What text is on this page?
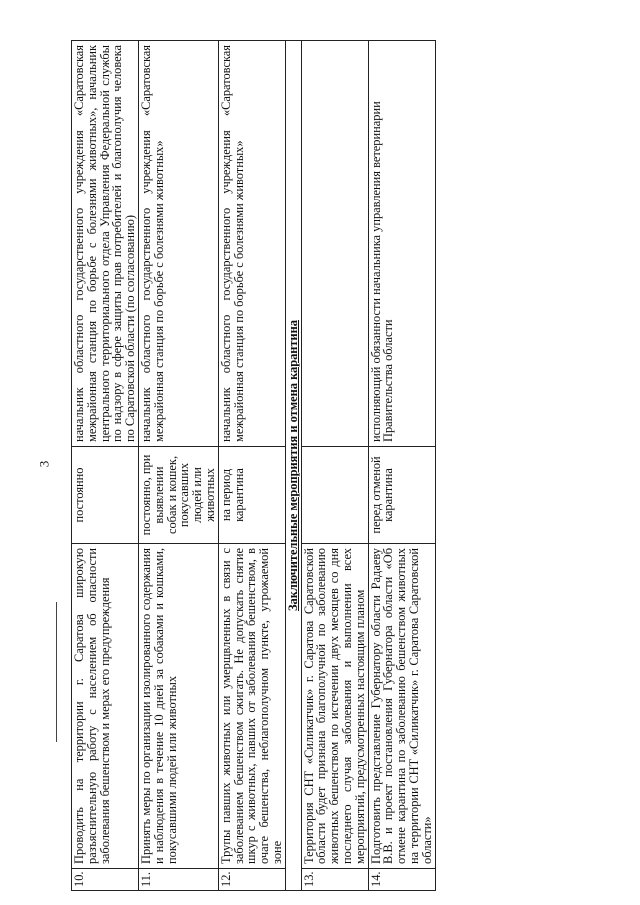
3
10.	Проводить на территории г. Саратова широкую разъяснительную работу с населением об опасности заболевания бешенством и мерах его предупреждения	постоянно	начальник областного государственного учреждения «Саратовская межрайонная станция по борьбе с болезнями животных», начальник центрального территориального отдела Управления Федеральной службы по надзору в сфере защиты прав потребителей и благополучия человека по Саратовской области (по согласованию)
11.	Принять меры по организации изолированного содержания и наблюдения в течение 10 дней за собаками и кошками, покусавшими людей или животных	постоянно, при выявлении собак и кошек, покусавших людей или животных	начальник областного государственного учреждения «Саратовская межрайонная станция по борьбе с болезнями животных»
12.	Трупы павших животных или умерщвленных в связи с заболеванием бешенством сжигать. Не допускать снятие шкур с животных, павших от заболевания бешенством, в очаге бешенства, неблагополучном пункте, угрожаемой зоне	на период карантина	начальник областного государственного учреждения «Саратовская межрайонная станция по борьбе с болезнями животных»
Заключительные мероприятия и отмена карантина			
13.	Территория СНТ «Силикатчик» г. Саратова Саратовской области будет признана благополучной по заболеванию животных бешенством по истечении двух месяцев со дня последнего случая заболевания и выполнении всех мероприятий, предусмотренных настоящим планом		
14.	Подготовить представление Губернатору области Радаеву В.В. и проект постановления Губернатора области «Об отмене карантина по заболеванию бешенством животных на территории СНТ «Силикатчик» г. Саратова Саратовской области»	перед отменой карантина	исполняющий обязанности начальника управления ветеринарии Правительства области
